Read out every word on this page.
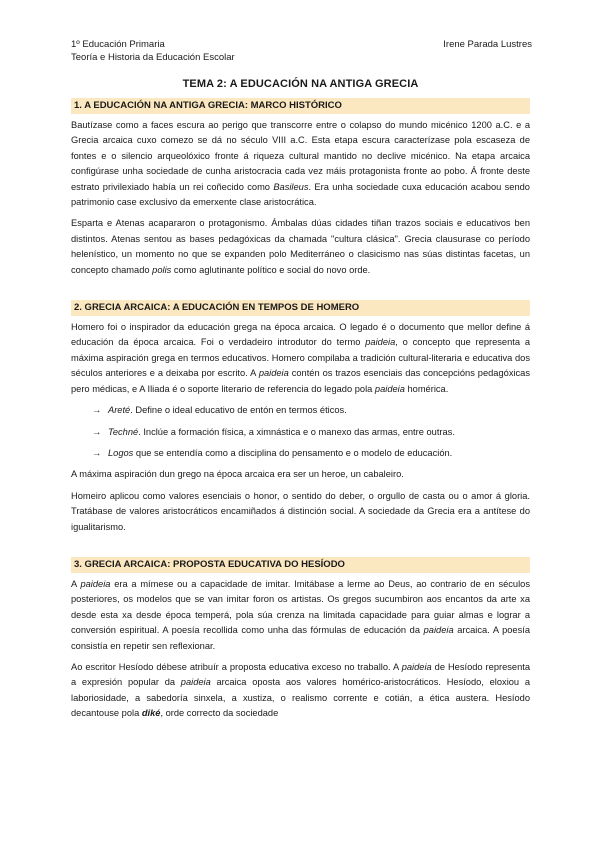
1º Educación Primaria
Teoría e Historia da Educación Escolar
Irene Parada Lustres
TEMA 2: A EDUCACIÓN NA ANTIGA GRECIA
1. A EDUCACIÓN NA ANTIGA GRECIA: MARCO HISTÓRICO

Bautízase como a faces escura ao perigo que transcorre entre o colapso do mundo micénico 1200 a.C. e a Grecia arcaica cuxo comezo se dá no século VIII a.C. Esta etapa escura caracterízase pola escaseza de fontes e o silencio arqueolóxico fronte á riqueza cultural mantido no declive micénico. Na etapa arcaica configúrase unha sociedade de cunha aristocracia cada vez máis protagonista fronte ao pobo. Á fronte deste estrato privilexiado había un rei coñecido como Basileus. Era unha sociedade cuxa educación acabou sendo patrimonio case exclusivo da emerxente clase aristocrática.

Esparta e Atenas acapararon o protagonismo. Ámbalas dúas cidades tiñan trazos sociais e educativos ben distintos. Atenas sentou as bases pedagóxicas da chamada "cultura clásica". Grecia clausurase co período helenístico, un momento no que se expanden polo Mediterráneo o clasicismo nas súas distintas facetas, un concepto chamado polis como aglutinante político e social do novo orde.

2. GRECIA ARCAICA: A EDUCACIÓN EN TEMPOS DE HOMERO

Homero foi o inspirador da educación grega na época arcaica. O legado é o documento que mellor define á educación da época arcaica. Foi o verdadeiro introdutor do termo paideia, o concepto que representa a máxima aspiración grega en termos educativos. Homero compilaba a tradición cultural-literaria e educativa dos séculos anteriores e a deixaba por escrito. A paideia contén os trazos esenciais das concepcións pedagóxicas pero médicas, e A Iliada é o soporte literario de referencia do legado pola paideia homérica.

→ Areté. Define o ideal educativo de entón en termos éticos.
→ Techné. Inclúe a formación física, a ximnástica e o manexo das armas, entre outras.
→ Logos que se entendía como a disciplina do pensamento e o modelo de educación.

A máxima aspiración dun grego na época arcaica era ser un heroe, un cabaleiro.

Homeiro aplicou como valores esenciais o honor, o sentido do deber, o orgullo de casta ou o amor á gloria. Tratábase de valores aristocráticos encamiñados á distinción social. A sociedade da Grecia era a antítese do igualitarismo.

3. GRECIA ARCAICA: PROPOSTA EDUCATIVA DO HESÍODO

A paideia era a mímese ou a capacidade de imitar. Imitábase a lerme ao Deus, ao contrario de en séculos posteriores, os modelos que se van imitar foron os artistas. Os gregos sucumbiron aos encantos da arte xa desde esta xa desde época temperá, pola súa crenza na limitada capacidade para guiar almas e lograr a conversión espiritual. A poesía recollida como unha das fórmulas de educación da paideia arcaica. A poesía consistía en repetir sen reflexionar.

Ao escritor Hesíodo débese atribuír a proposta educativa exceso no traballo. A paideia de Hesíodo representa a expresión popular da paideia arcaica oposta aos valores homérico-aristocráticos. Hesíodo, eloxiou a laboriosidade, a sabedoría sinxela, a xustiza, o realismo corrente e cotián, a ética austera. Hesíodo decantouse pola diké, orde correcto da sociedade
